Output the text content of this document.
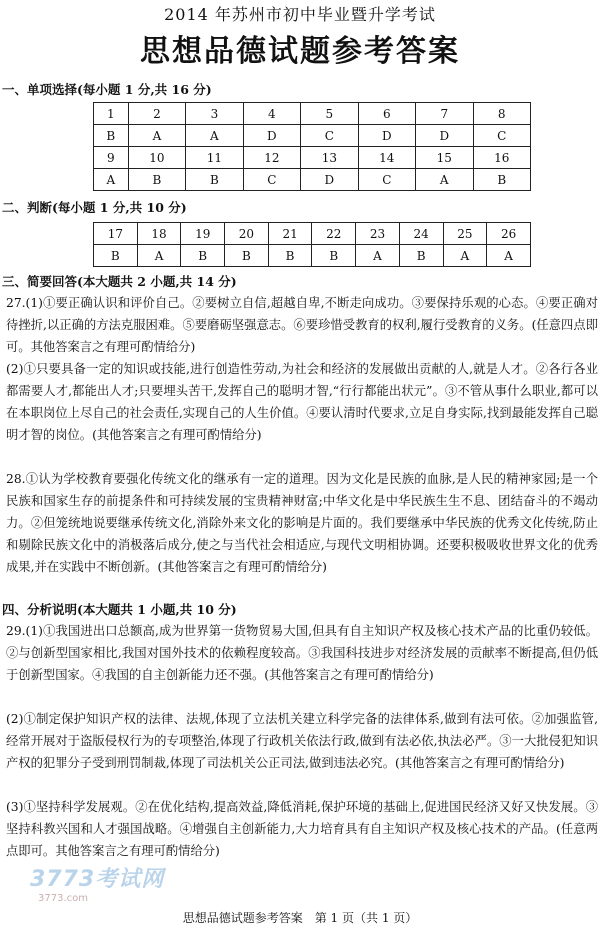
2014 年苏州市初中毕业暨升学考试
思想品德试题参考答案
一、单项选择(每小题 1 分,共 16 分)
1	2	3	4	5	6	7	8
B	A	A	D	C	D	D	C
9	10	11	12	13	14	15	16
A	B	B	C	D	C	A	B
二、判断(每小题 1 分,共 10 分)
17	18	19	20	21	22	23	24	25	26
B	A	B	B	B	B	A	B	A	A
三、简要回答(本大题共 2 小题,共 14 分)
27.(1)①要正确认识和评价自己。②要树立自信,超越自卑,不断走向成功。③要保持乐观的心态。④要正确对待挫折,以正确的方法克服困难。⑤要磨砺坚强意志。⑥要珍惜受教育的权利,履行受教育的义务。(任意四点即可。其他答案言之有理可酌情给分)
(2)①只要具备一定的知识或技能,进行创造性劳动,为社会和经济的发展做出贡献的人,就是人才。②各行各业都需要人才,都能出人才;只要埋头苦干,发挥自己的聪明才智,“行行都能出状元”。③不管从事什么职业,都可以在本职岗位上尽自己的社会责任,实现自己的人生价值。④要认清时代要求,立足自身实际,找到最能发挥自己聪明才智的岗位。(其他答案言之有理可酌情给分)
28.①认为学校教育要强化传统文化的继承有一定的道理。因为文化是民族的血脉,是人民的精神家园;是一个民族和国家生存的前提条件和可持续发展的宝贵精神财富;中华文化是中华民族生生不息、团结奋斗的不竭动力。②但笼统地说要继承传统文化,消除外来文化的影响是片面的。我们要继承中华民族的优秀文化传统,防止和剔除民族文化中的消极落后成分,使之与当代社会相适应,与现代文明相协调。还要积极吸收世界文化的优秀成果,并在实践中不断创新。(其他答案言之有理可酌情给分)
四、分析说明(本大题共 1 小题,共 10 分)
29.(1)①我国进出口总额高,成为世界第一货物贸易大国,但具有自主知识产权及核心技术产品的比重仍较低。②与创新型国家相比,我国对国外技术的依赖程度较高。③我国科技进步对经济发展的贡献率不断提高,但仍低于创新型国家。④我国的自主创新能力还不强。(其他答案言之有理可酌情给分)
(2)①制定保护知识产权的法律、法规,体现了立法机关建立科学完备的法律体系,做到有法可依。②加强监管,经常开展对于盗版侵权行为的专项整治,体现了行政机关依法行政,做到有法必依,执法必严。③一大批侵犯知识产权的犯罪分子受到刑罚制裁,体现了司法机关公正司法,做到违法必究。(其他答案言之有理可酌情给分)
(3)①坚持科学发展观。②在优化结构,提高效益,降低消耗,保护环境的基础上,促进国民经济又好又快发展。③坚持科教兴国和人才强国战略。④增强自主创新能力,大力培育具有自主知识产权及核心技术的产品。(任意两点即可。其他答案言之有理可酌情给分)
3773考试网
3773.com
思想品德试题参考答案　第 1 页（共 1 页）
